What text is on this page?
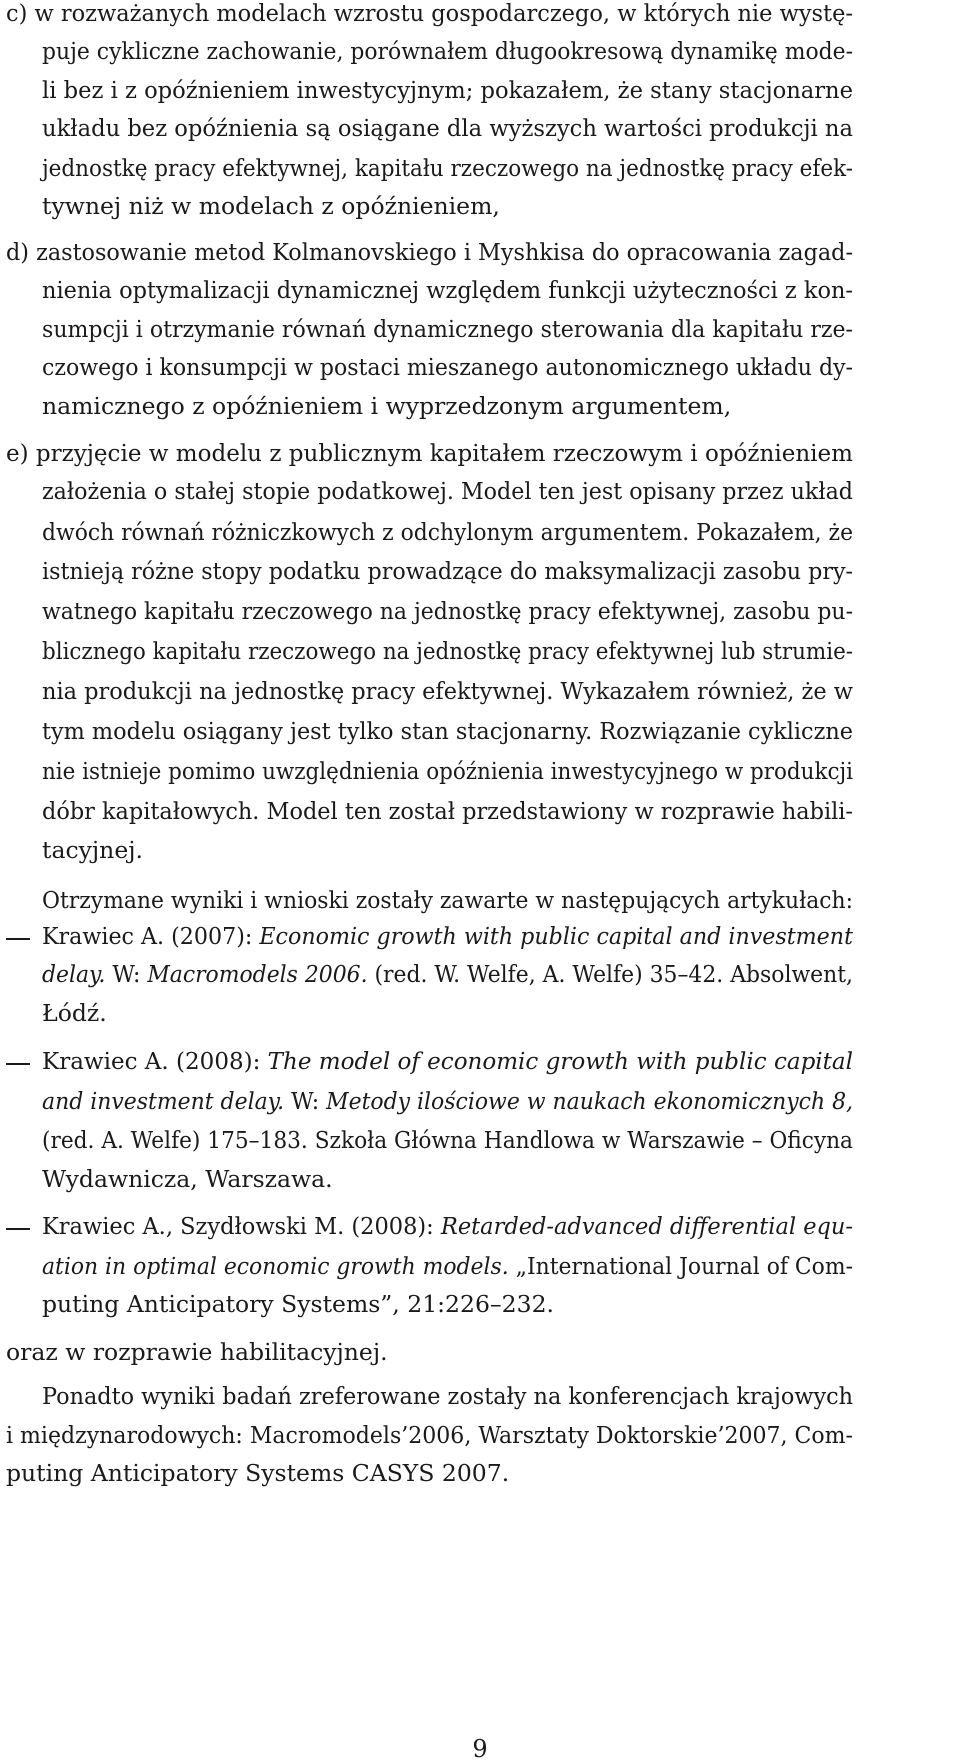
c) w rozważanych modelach wzrostu gospodarczego, w których nie wystę-
puje cykliczne zachowanie, porównałem długookresową dynamikę mode-
li bez i z opóźnieniem inwestycyjnym; pokazałem, że stany stacjonarne
układu bez opóźnienia są osiągane dla wyższych wartości produkcji na
jednostkę pracy efektywnej, kapitału rzeczowego na jednostkę pracy efek-
tywnej niż w modelach z opóźnieniem,
d) zastosowanie metod Kolmanovskiego i Myshkisa do opracowania zagad-
nienia optymalizacji dynamicznej względem funkcji użyteczności z kon-
sumpcji i otrzymanie równań dynamicznego sterowania dla kapitału rze-
czowego i konsumpcji w postaci mieszanego autonomicznego układu dy-
namicznego z opóźnieniem i wyprzedzonym argumentem,
e) przyjęcie w modelu z publicznym kapitałem rzeczowym i opóźnieniem
założenia o stałej stopie podatkowej. Model ten jest opisany przez układ
dwóch równań różniczkowych z odchylonym argumentem. Pokazałem, że
istnieją różne stopy podatku prowadzące do maksymalizacji zasobu pry-
watnego kapitału rzeczowego na jednostkę pracy efektywnej, zasobu pu-
blicznego kapitału rzeczowego na jednostkę pracy efektywnej lub strumie-
nia produkcji na jednostkę pracy efektywnej. Wykazałem również, że w
tym modelu osiągany jest tylko stan stacjonarny. Rozwiązanie cykliczne
nie istnieje pomimo uwzględnienia opóźnienia inwestycyjnego w produkcji
dóbr kapitałowych. Model ten został przedstawiony w rozprawie habili-
tacyjnej.
Otrzymane wyniki i wnioski zostały zawarte w następujących artykułach:
Krawiec A. (2007): Economic growth with public capital and investment
delay. W: Macromodels 2006. (red. W. Welfe, A. Welfe) 35–42. Absolwent,
Łódź.
Krawiec A. (2008): The model of economic growth with public capital
and investment delay. W: Metody ilościowe w naukach ekonomicznych 8,
(red. A. Welfe) 175–183. Szkoła Główna Handlowa w Warszawie – Oficyna
Wydawnicza, Warszawa.
Krawiec A., Szydłowski M. (2008): Retarded-advanced differential equ-
ation in optimal economic growth models. „International Journal of Com-
puting Anticipatory Systems”, 21:226–232.
oraz w rozprawie habilitacyjnej.
Ponadto wyniki badań zreferowane zostały na konferencjach krajowych
i międzynarodowych: Macromodels’2006, Warsztaty Doktorskie’2007, Com-
puting Anticipatory Systems CASYS 2007.
9
